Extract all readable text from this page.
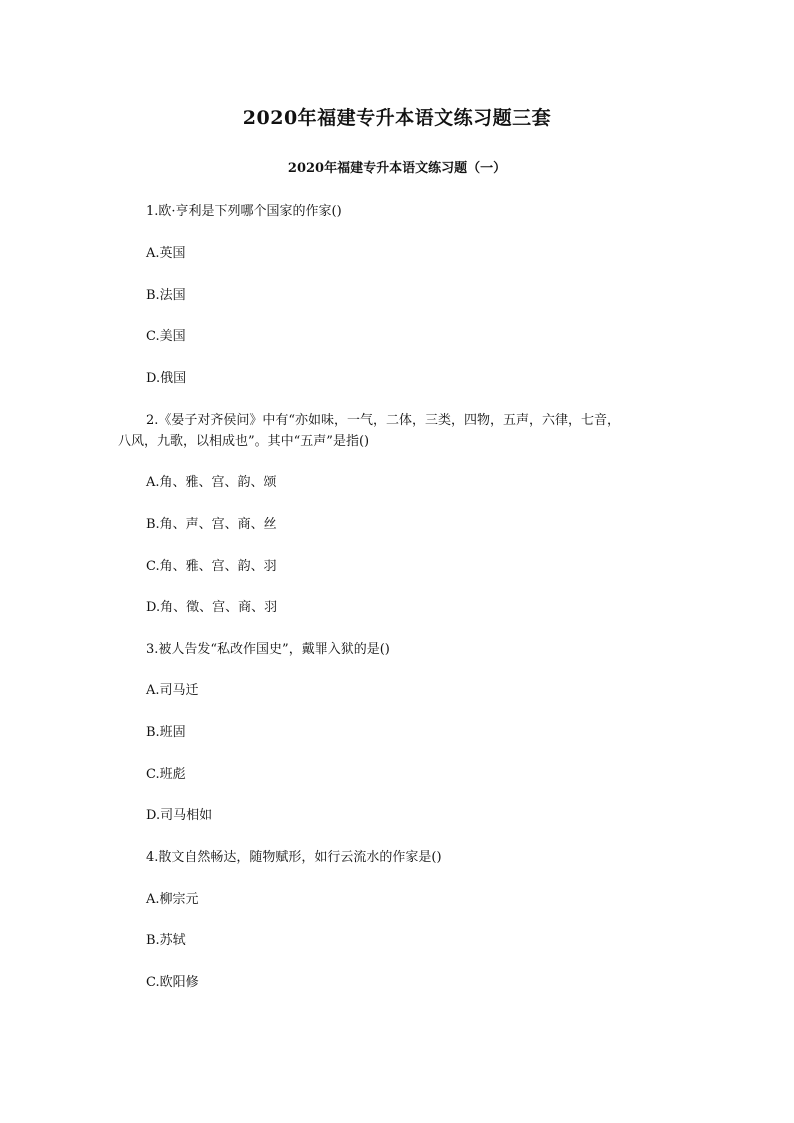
2020年福建专升本语文练习题三套
2020年福建专升本语文练习题（一）
1.欧·亨利是下列哪个国家的作家()
A.英国
B.法国
C.美国
D.俄国
2.《晏子对齐侯问》中有“亦如味，一气，二体，三类，四物，五声，六律，七音，
八风，九歌，以相成也”。其中“五声”是指()
A.角、雅、宫、韵、颂
B.角、声、宫、商、丝
C.角、雅、宫、韵、羽
D.角、徵、宫、商、羽
3.被人告发“私改作国史”，戴罪入狱的是()
A.司马迁
B.班固
C.班彪
D.司马相如
4.散文自然畅达，随物赋形，如行云流水的作家是()
A.柳宗元
B.苏轼
C.欧阳修
